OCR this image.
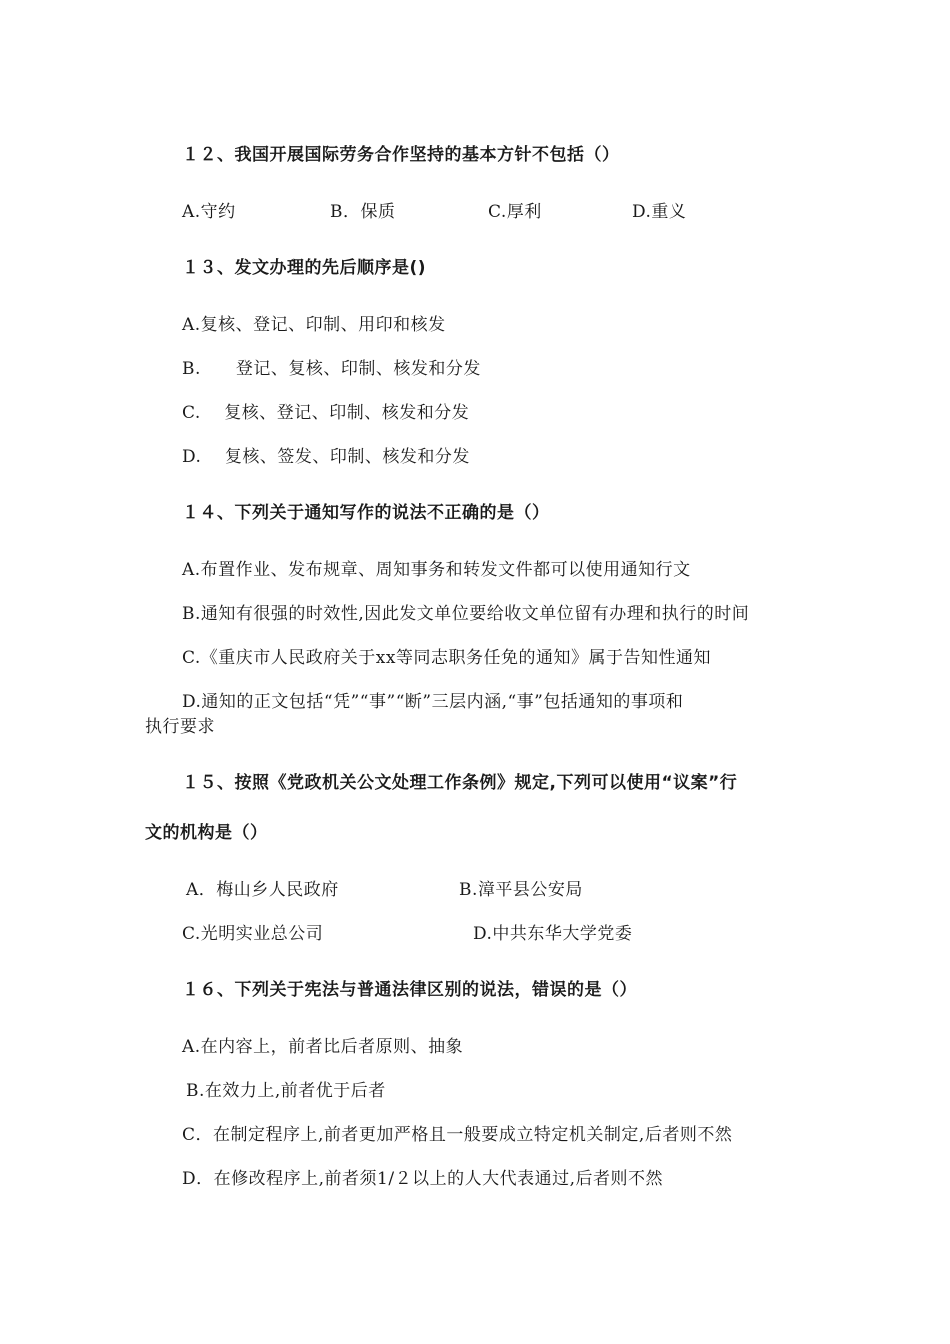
１２、我国开展国际劳务合作坚持的基本方针不包括（）
A.守约	B．保质	C.厚利	D.重义
１３、发文办理的先后顺序是()
A.复核、登记、印制、用印和核发
B.　　登记、复核、印制、核发和分发
C.　 复核、登记、印制、核发和分发
D.　 复核、签发、印制、核发和分发
１４、下列关于通知写作的说法不正确的是（）
A.布置作业、发布规章、周知事务和转发文件都可以使用通知行文
B.通知有很强的时效性,因此发文单位要给收文单位留有办理和执行的时间
C.《重庆市人民政府关于xx等同志职务任免的通知》属于告知性通知
D.通知的正文包括“凭”“事”“断”三层内涵,“事”包括通知的事项和
执行要求
１５、按照《党政机关公文处理工作条例》规定,下列可以使用“议案”行
文的机构是（）
A．梅山乡人民政府	B.漳平县公安局
C.光明实业总公司	D.中共东华大学党委
１６、下列关于宪法与普通法律区别的说法，错误的是（）
A.在内容上，前者比后者原则、抽象
B.在效力上,前者优于后者
C．在制定程序上,前者更加严格且一般要成立特定机关制定,后者则不然
D．在修改程序上,前者须1/２以上的人大代表通过,后者则不然
